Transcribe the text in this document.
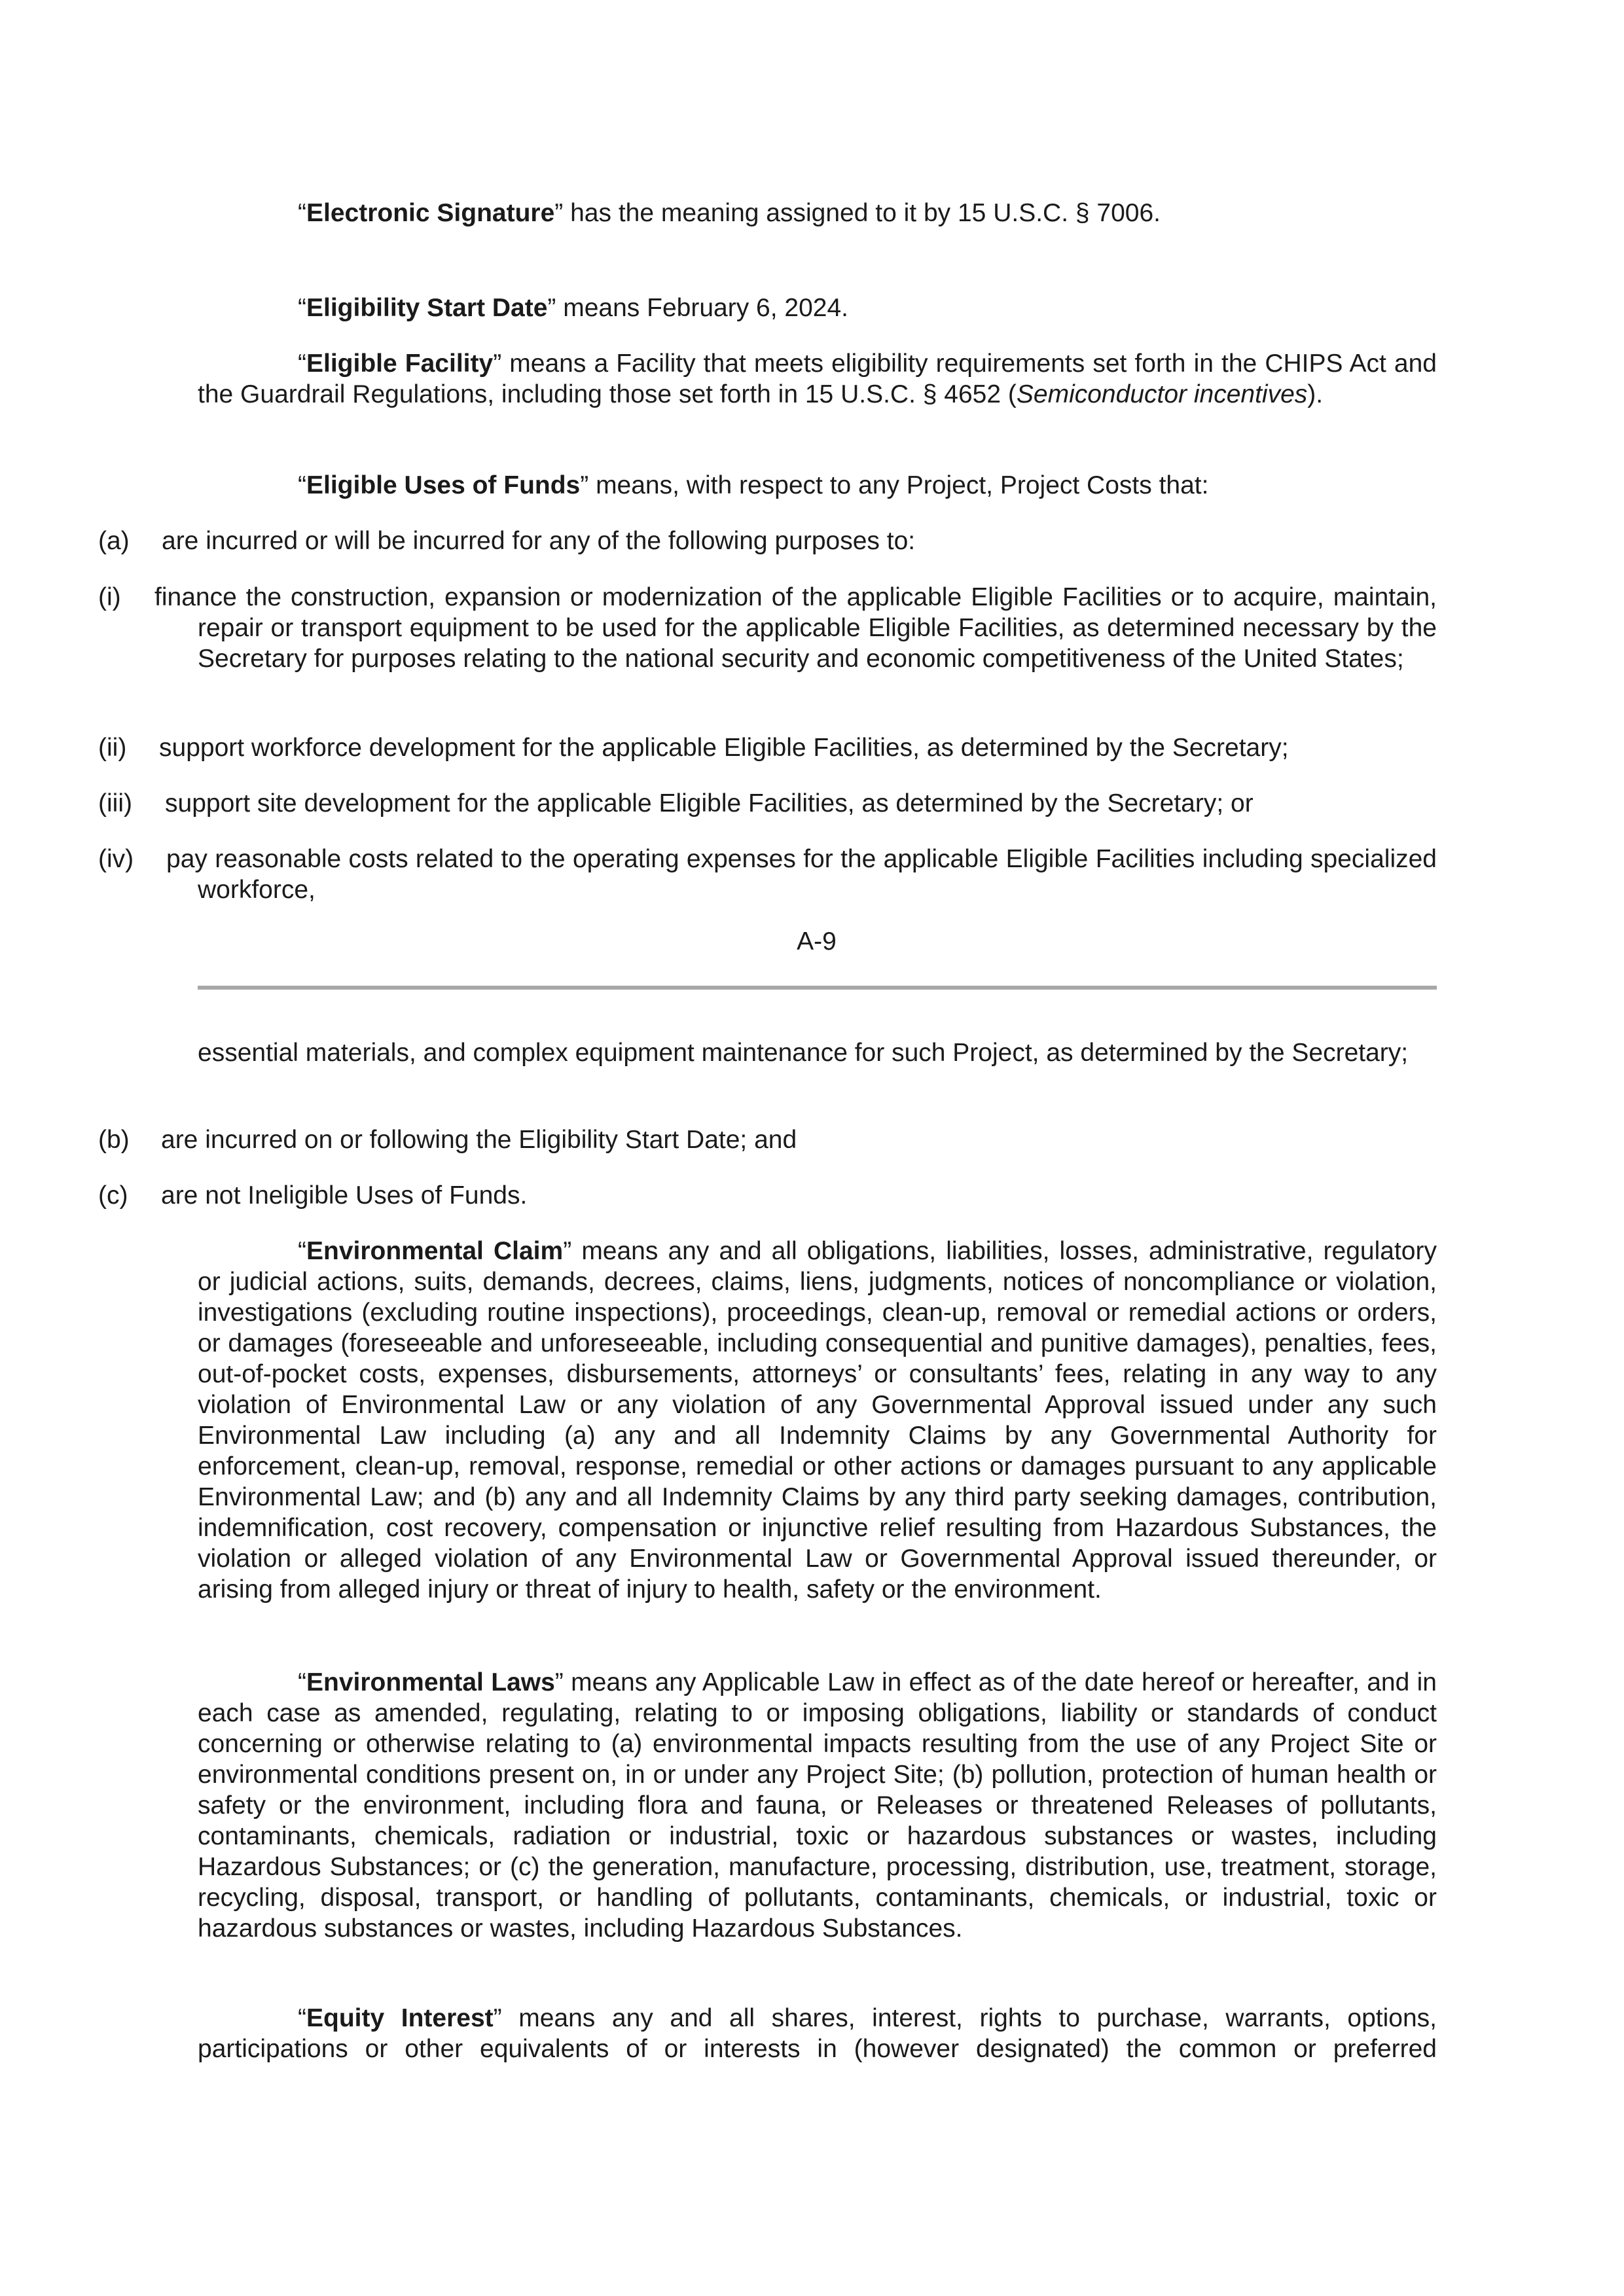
“Electronic Signature” has the meaning assigned to it by 15 U.S.C. § 7006.

“Eligibility Start Date” means February 6, 2024.

“Eligible Facility” means a Facility that meets eligibility requirements set forth in the CHIPS Act and the Guardrail Regulations, including those set forth in 15 U.S.C. § 4652 (Semiconductor incentives).

“Eligible Uses of Funds” means, with respect to any Project, Project Costs that:

(a) are incurred or will be incurred for any of the following purposes to:
(i)	finance the construction, expansion or modernization of the applicable Eligible Facilities or to acquire, maintain, repair or transport equipment to be used for the applicable Eligible Facilities, as determined necessary by the Secretary for purposes relating to the national security and economic competitiveness of the United States;
(ii) support workforce development for the applicable Eligible Facilities, as determined by the Secretary;
(iii) support site development for the applicable Eligible Facilities, as determined by the Secretary; or
(iv)	pay reasonable costs related to the operating expenses for the applicable Eligible Facilities including specialized workforce,
A-9

essential materials, and complex equipment maintenance for such Project, as determined by the Secretary;

(b) are incurred on or following the Eligibility Start Date; and
(c) are not Ineligible Uses of Funds.

“Environmental Claim” means any and all obligations, liabilities, losses, administrative, regulatory or judicial actions, suits, demands, decrees, claims, liens, judgments, notices of noncompliance or violation, investigations (excluding routine inspections), proceedings, clean-up, removal or remedial actions or orders, or damages (foreseeable and unforeseeable, including consequential and punitive damages), penalties, fees, out-of-pocket costs, expenses, disbursements, attorneys’ or consultants’ fees, relating in any way to any violation of Environmental Law or any violation of any Governmental Approval issued under any such Environmental Law including (a) any and all Indemnity Claims by any Governmental Authority for enforcement, clean-up, removal, response, remedial or other actions or damages pursuant to any applicable Environmental Law; and (b) any and all Indemnity Claims by any third party seeking damages, contribution, indemnification, cost recovery, compensation or injunctive relief resulting from Hazardous Substances, the violation or alleged violation of any Environmental Law or Governmental Approval issued thereunder, or arising from alleged injury or threat of injury to health, safety or the environment.

“Environmental Laws” means any Applicable Law in effect as of the date hereof or hereafter, and in each case as amended, regulating, relating to or imposing obligations, liability or standards of conduct concerning or otherwise relating to (a) environmental impacts resulting from the use of any Project Site or environmental conditions present on, in or under any Project Site; (b) pollution, protection of human health or safety or the environment, including flora and fauna, or Releases or threatened Releases of pollutants, contaminants, chemicals, radiation or industrial, toxic or hazardous substances or wastes, including Hazardous Substances; or (c) the generation, manufacture, processing, distribution, use, treatment, storage, recycling, disposal, transport, or handling of pollutants, contaminants, chemicals, or industrial, toxic or hazardous substances or wastes, including Hazardous Substances.

“Equity Interest” means any and all shares, interest, rights to purchase, warrants, options, participations or other equivalents of or interests in (however designated) the common or preferred
